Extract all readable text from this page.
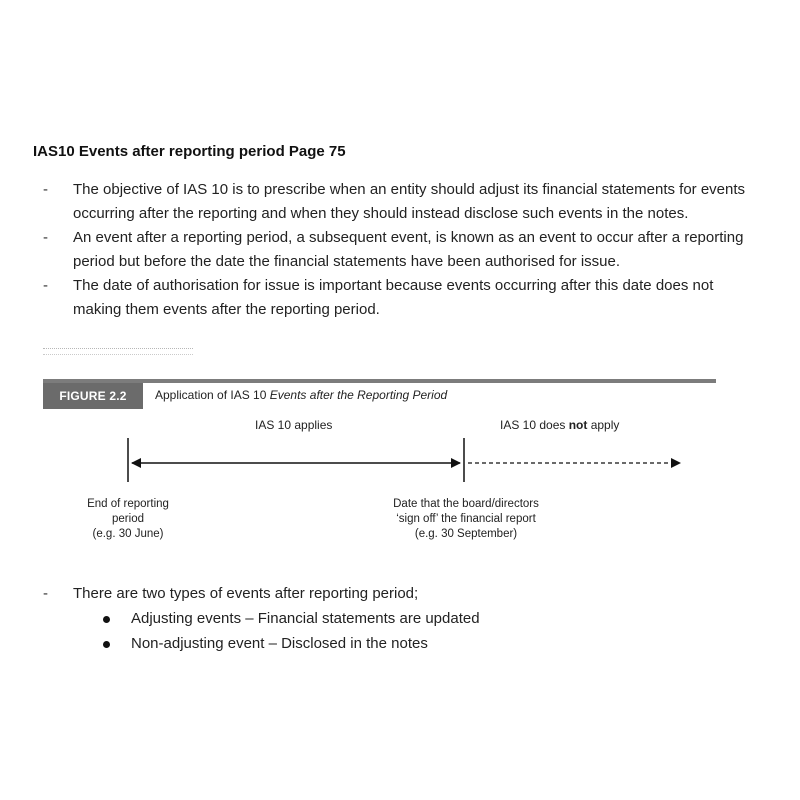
IAS10 Events after reporting period Page 75
- The objective of IAS 10 is to prescribe when an entity should adjust its financial statements for events occurring after the reporting and when they should instead disclose such events in the notes.
- An event after a reporting period, a subsequent event, is known as an event to occur after a reporting period but before the date the financial statements have been authorised for issue.
- The date of authorisation for issue is important because events occurring after this date does not making them events after the reporting period.
FIGURE 2.2	Application of IAS 10 Events after the Reporting Period
IAS 10 applies	IAS 10 does not apply
End of reporting
period
(e.g. 30 June)
Date that the board/directors
‘sign off’ the financial report
(e.g. 30 September)
- There are two types of events after reporting period;
Adjusting events – Financial statements are updated
Non-adjusting event – Disclosed in the notes
